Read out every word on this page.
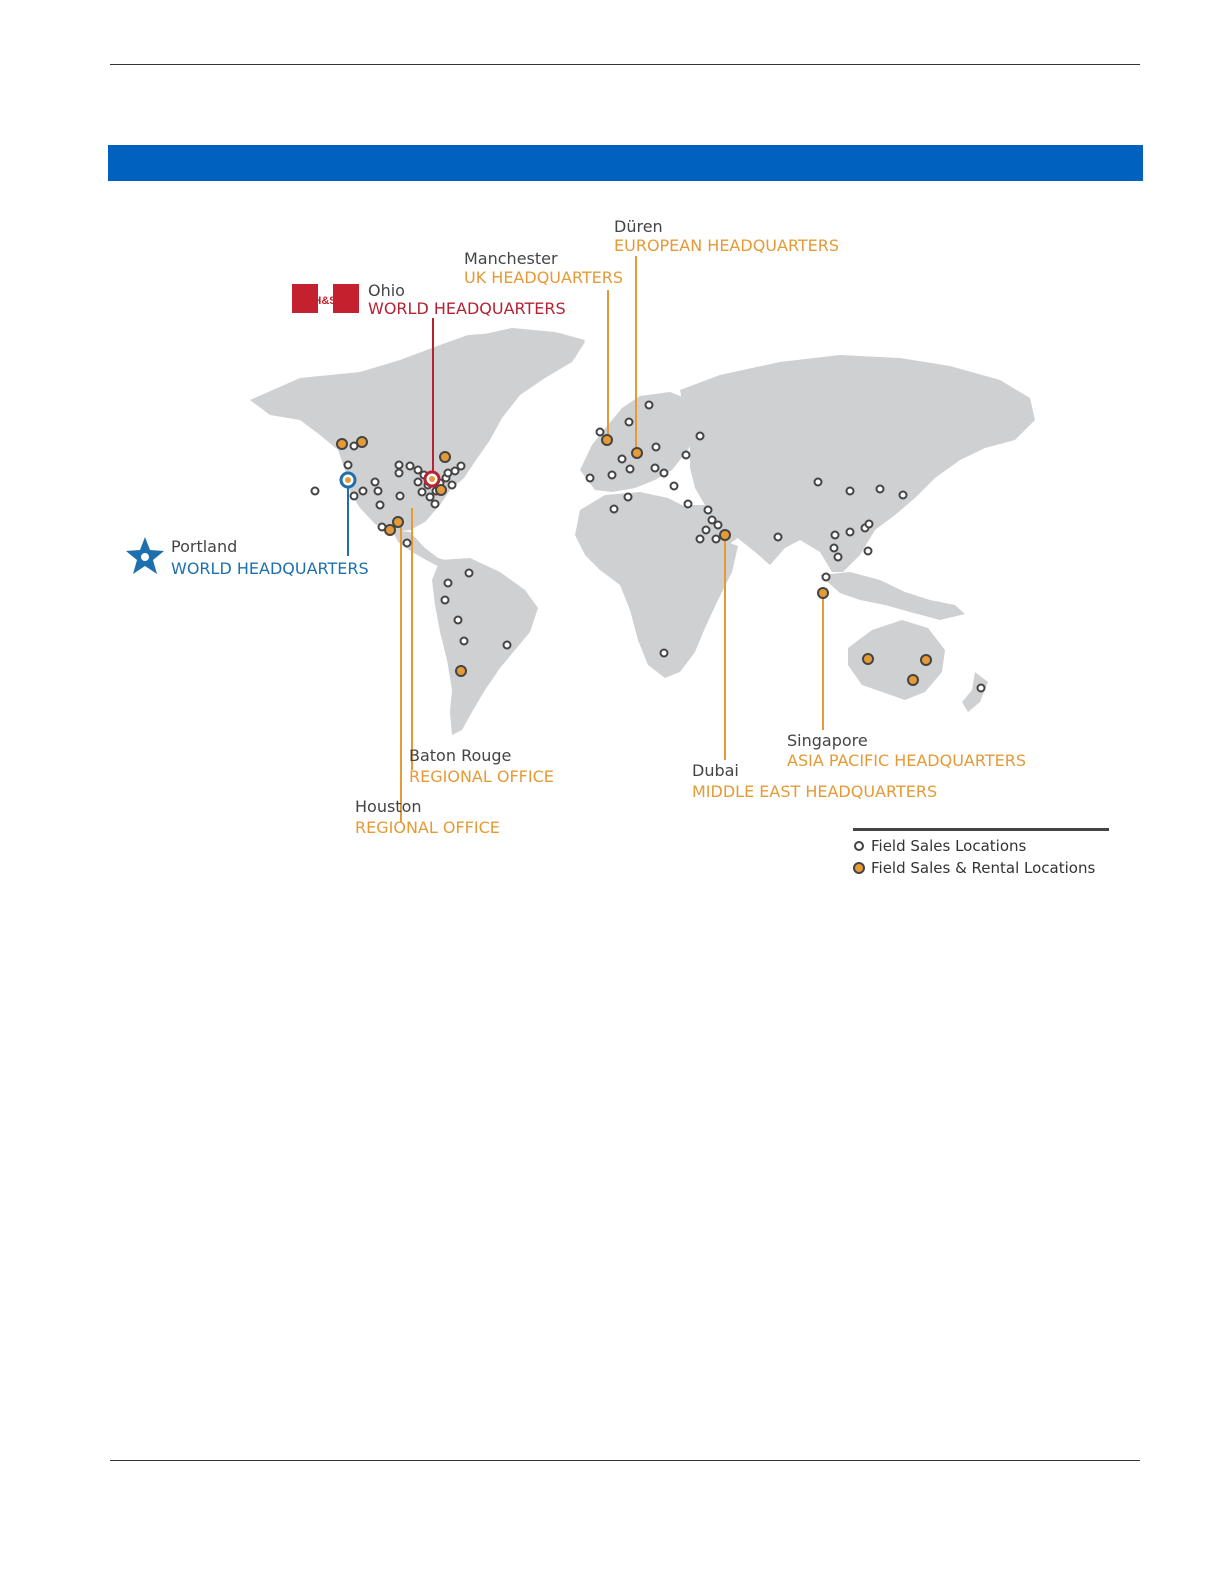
H&S
Ohio
WORLD HEADQUARTERS
Portland
WORLD HEADQUARTERS
Manchester
UK HEADQUARTERS
Düren
EUROPEAN HEADQUARTERS
Baton Rouge
REGIONAL OFFICE
Houston
REGIONAL OFFICE
Dubai
MIDDLE EAST HEADQUARTERS
Singapore
ASIA PACIFIC HEADQUARTERS
Field Sales Locations
Field Sales & Rental Locations
